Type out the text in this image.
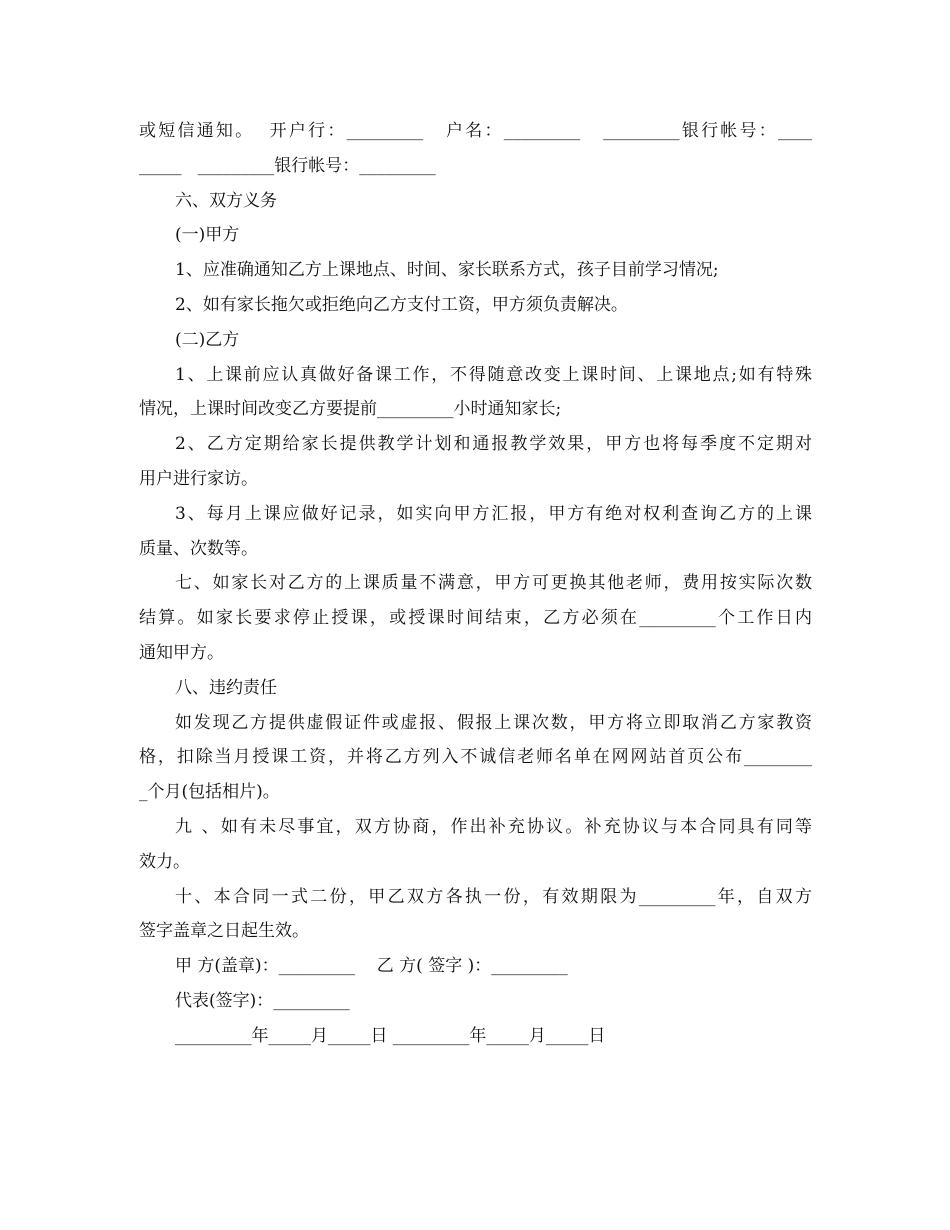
或短信通知。  开户行：_________   户名：_________   _________银行帐号：____
_____   _________银行帐号：_________
六、双方义务
(一)甲方
1、应准确通知乙方上课地点、时间、家长联系方式，孩子目前学习情况;
2、如有家长拖欠或拒绝向乙方支付工资，甲方须负责解决。
(二)乙方
1、上课前应认真做好备课工作，不得随意改变上课时间、上课地点;如有特殊
情况，上课时间改变乙方要提前_________小时通知家长;
2、乙方定期给家长提供教学计划和通报教学效果，甲方也将每季度不定期对
用户进行家访。
3、每月上课应做好记录，如实向甲方汇报，甲方有绝对权利查询乙方的上课
质量、次数等。
七、如家长对乙方的上课质量不满意，甲方可更换其他老师，费用按实际次数
结算。如家长要求停止授课，或授课时间结束，乙方必须在_________个工作日内
通知甲方。
八、违约责任
如发现乙方提供虚假证件或虚报、假报上课次数，甲方将立即取消乙方家教资
格，扣除当月授课工资，并将乙方列入不诚信老师名单在网网站首页公布________
_个月(包括相片)。
九 、如有未尽事宜，双方协商，作出补充协议。补充协议与本合同具有同等
效力。
十、本合同一式二份，甲乙双方各执一份，有效期限为_________年，自双方
签字盖章之日起生效。
甲 方(盖章)：_________    乙 方( 签字 )：_________
代表(签字)：_________
_________年_____月_____日 _________年_____月_____日
